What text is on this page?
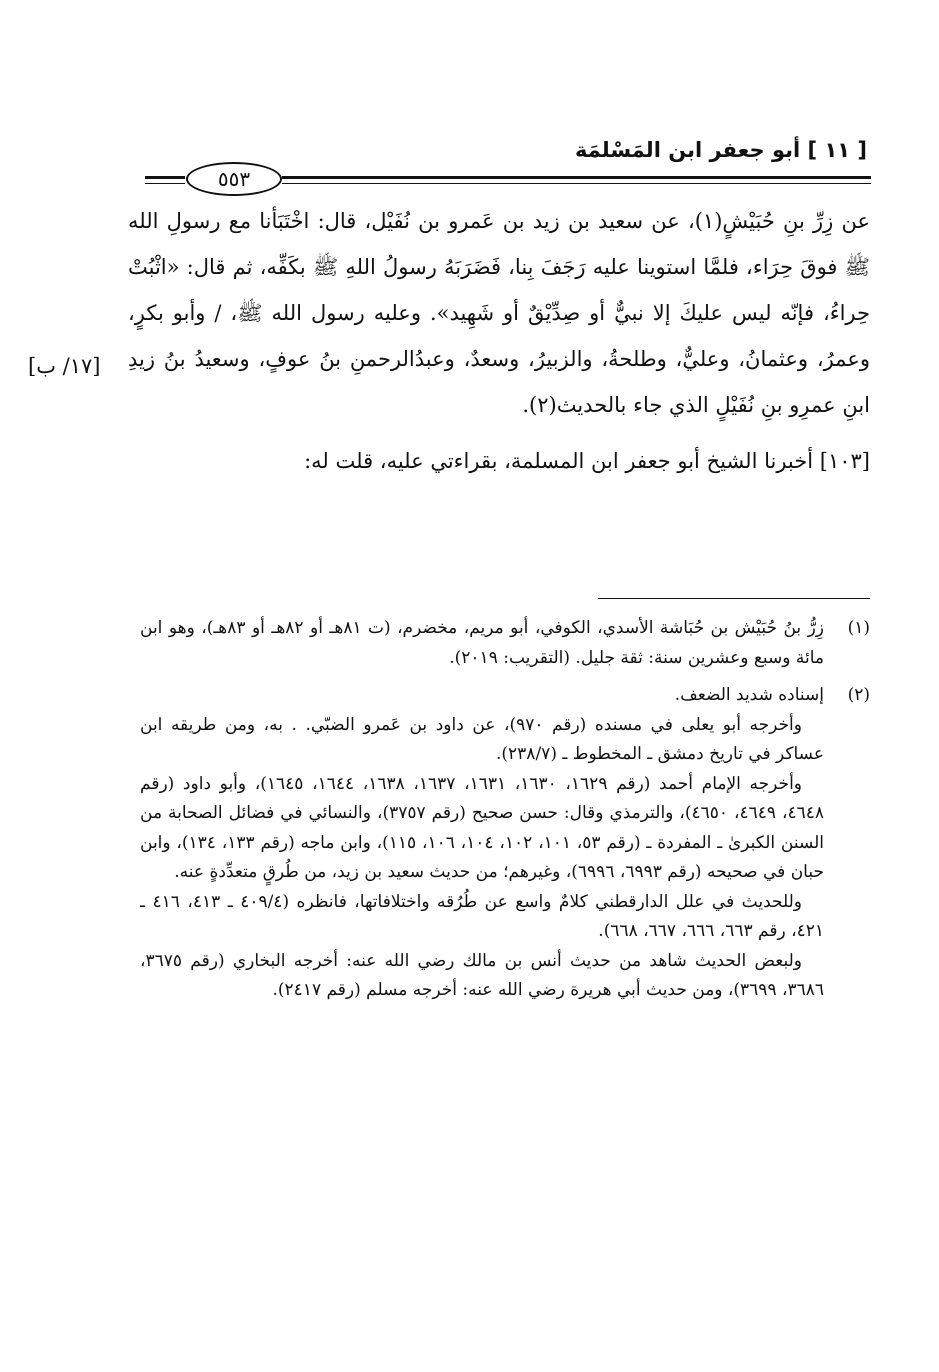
[ ١١ ] أبو جعفر ابن المَسْلمَة
٥٥٣

عن زِرِّ بنِ حُبَيْشٍ(١)، عن سعيد بن زيد بن عَمرو بن نُفَيْل، قال: اخْتَبَأنا مع رسولِ الله ﷺ فوقَ حِرَاء، فلمَّا استوينا عليه رَجَفَ بِنا، فَضَرَبَهُ رسولُ اللهِ ﷺ بكَفِّه، ثم قال: «اثْبُتْ حِراءُ، فإنّه ليس عليكَ إلا نبيٌّ أو صِدِّيْقٌ أو شَهِيد». وعليه رسول الله ﷺ، / وأبو بكرٍ، وعمرُ، وعثمانُ، وعليٌّ، وطلحةُ، والزبيرُ، وسعدٌ، وعبدُالرحمنِ بنُ عوفٍ، وسعيدُ بنُ زيدِ ابنِ عمرِو بنِ نُفَيْلٍ الذي جاء بالحديث(٢).

[١٠٣] أخبرنا الشيخ أبو جعفر ابن المسلمة، بقراءتي عليه، قلت له:

[١٧/ ب]
(١)

زِرُّ بنُ حُبَيْش بن حُبَاشة الأسدي، الكوفي، أبو مريم، مخضرم، (ت ٨١هـ أو ٨٢هـ أو ٨٣هـ)، وهو ابن مائة وسبع وعشرين سنة: ثقة جليل. (التقريب: ٢٠١٩).

(٢)

إسناده شديد الضعف.

وأخرجه أبو يعلى في مسنده (رقم ٩٧٠)، عن داود بن عَمرو الضبّي. . به، ومن طريقه ابن عساكر في تاريخ دمشق ـ المخطوط ـ (٢٣٨/٧).

وأخرجه الإمام أحمد (رقم ١٦٢٩، ١٦٣٠، ١٦٣١، ١٦٣٧، ١٦٣٨، ١٦٤٤، ١٦٤٥)، وأبو داود (رقم ٤٦٤٨، ٤٦٤٩، ٤٦٥٠)، والترمذي وقال: حسن صحيح (رقم ٣٧٥٧)، والنسائي في فضائل الصحابة من السنن الكبرىٰ ـ المفردة ـ (رقم ٥٣، ١٠١، ١٠٢، ١٠٤، ١٠٦، ١١٥)، وابن ماجه (رقم ١٣٣، ١٣٤)، وابن حبان في صحيحه (رقم ٦٩٩٣، ٦٩٩٦)، وغيرهم؛ من حديث سعيد بن زيد، من طُرقٍ متعدِّدةٍ عنه.

وللحديث في علل الدارقطني كلامٌ واسع عن طُرُقه واختلافاتها، فانظره (٤٠٩/٤ ـ ٤١٣، ٤١٦ ـ ٤٢١، رقم ٦٦٣، ٦٦٦، ٦٦٧، ٦٦٨).

ولبعض الحديث شاهد من حديث أنس بن مالك رضي الله عنه: أخرجه البخاري (رقم ٣٦٧٥، ٣٦٨٦، ٣٦٩٩)، ومن حديث أبي هريرة رضي الله عنه: أخرجه مسلم (رقم ٢٤١٧).
